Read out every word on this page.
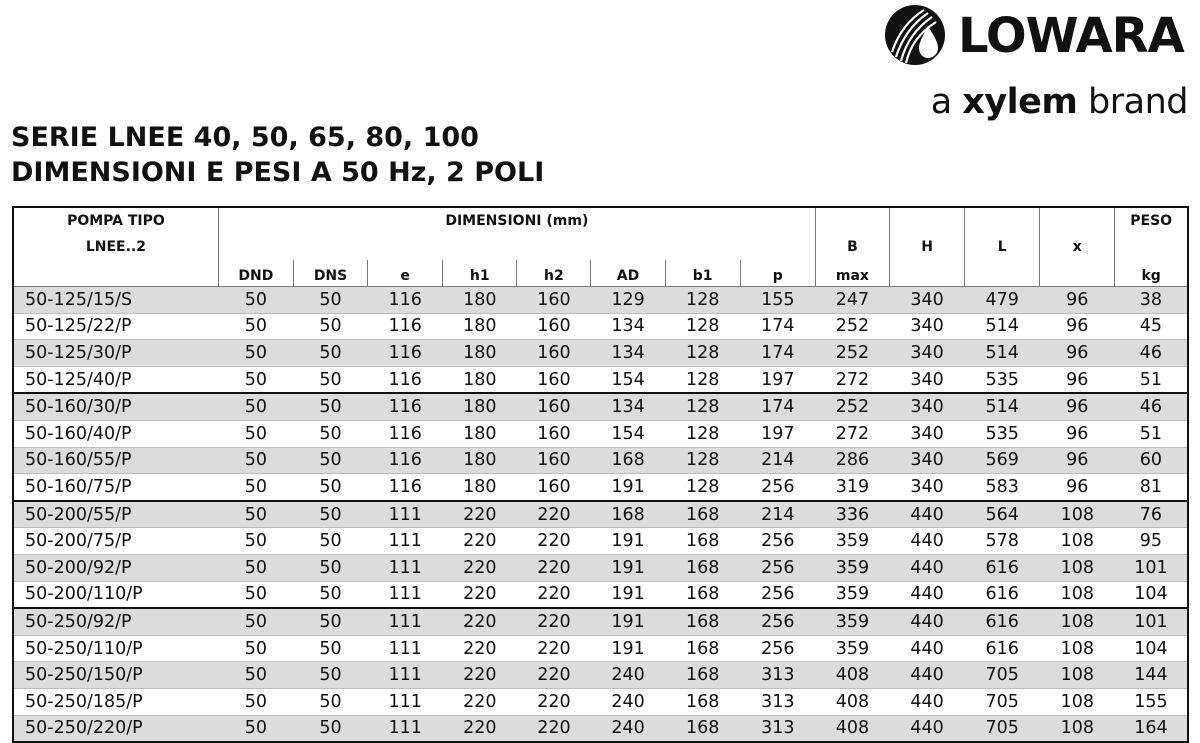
LOWARA
a xylem brand
SERIE LNEE 40, 50, 65, 80, 100
DIMENSIONI E PESI A 50 Hz, 2 POLI
POMPA TIPO	DIMENSIONI (mm)												PESO
LNEE..2									B	H	L	x	
	DND	DNS	e	h1	h2	AD	b1	p	max				kg
50-125/15/S	50	50	116	180	160	129	128	155	247	340	479	96	38
50-125/22/P	50	50	116	180	160	134	128	174	252	340	514	96	45
50-125/30/P	50	50	116	180	160	134	128	174	252	340	514	96	46
50-125/40/P	50	50	116	180	160	154	128	197	272	340	535	96	51
50-160/30/P	50	50	116	180	160	134	128	174	252	340	514	96	46
50-160/40/P	50	50	116	180	160	154	128	197	272	340	535	96	51
50-160/55/P	50	50	116	180	160	168	128	214	286	340	569	96	60
50-160/75/P	50	50	116	180	160	191	128	256	319	340	583	96	81
50-200/55/P	50	50	111	220	220	168	168	214	336	440	564	108	76
50-200/75/P	50	50	111	220	220	191	168	256	359	440	578	108	95
50-200/92/P	50	50	111	220	220	191	168	256	359	440	616	108	101
50-200/110/P	50	50	111	220	220	191	168	256	359	440	616	108	104
50-250/92/P	50	50	111	220	220	191	168	256	359	440	616	108	101
50-250/110/P	50	50	111	220	220	191	168	256	359	440	616	108	104
50-250/150/P	50	50	111	220	220	240	168	313	408	440	705	108	144
50-250/185/P	50	50	111	220	220	240	168	313	408	440	705	108	155
50-250/220/P	50	50	111	220	220	240	168	313	408	440	705	108	164
